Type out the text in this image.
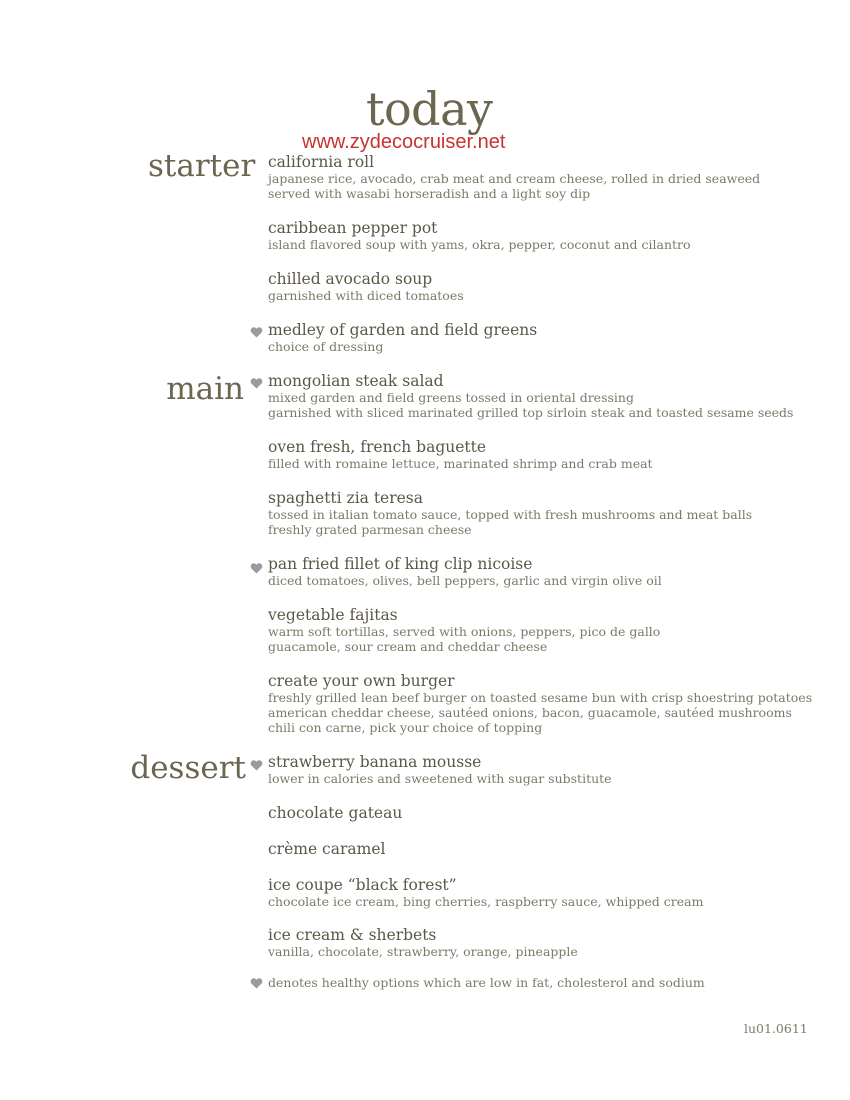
today
www.zydecocruiser.net
starter
main
dessert
california roll
japanese rice, avocado, crab meat and cream cheese, rolled in dried seaweed
served with wasabi horseradish and a light soy dip
caribbean pepper pot
island flavored soup with yams, okra, pepper, coconut and cilantro
chilled avocado soup
garnished with diced tomatoes
medley of garden and field greens
choice of dressing
mongolian steak salad
mixed garden and field greens tossed in oriental dressing
garnished with sliced marinated grilled top sirloin steak and toasted sesame seeds
oven fresh, french baguette
filled with romaine lettuce, marinated shrimp and crab meat
spaghetti zia teresa
tossed in italian tomato sauce, topped with fresh mushrooms and meat balls
freshly grated parmesan cheese
pan fried fillet of king clip nicoise
diced tomatoes, olives, bell peppers, garlic and virgin olive oil
vegetable fajitas
warm soft tortillas, served with onions, peppers, pico de gallo
guacamole, sour cream and cheddar cheese
create your own burger
freshly grilled lean beef burger on toasted sesame bun with crisp shoestring potatoes
american cheddar cheese, sautéed onions, bacon, guacamole, sautéed mushrooms
chili con carne, pick your choice of topping
strawberry banana mousse
lower in calories and sweetened with sugar substitute
chocolate gateau
crème caramel
ice coupe “black forest”
chocolate ice cream, bing cherries, raspberry sauce, whipped cream
ice cream & sherbets
vanilla, chocolate, strawberry, orange, pineapple
denotes healthy options which are low in fat, cholesterol and sodium
lu01.0611
